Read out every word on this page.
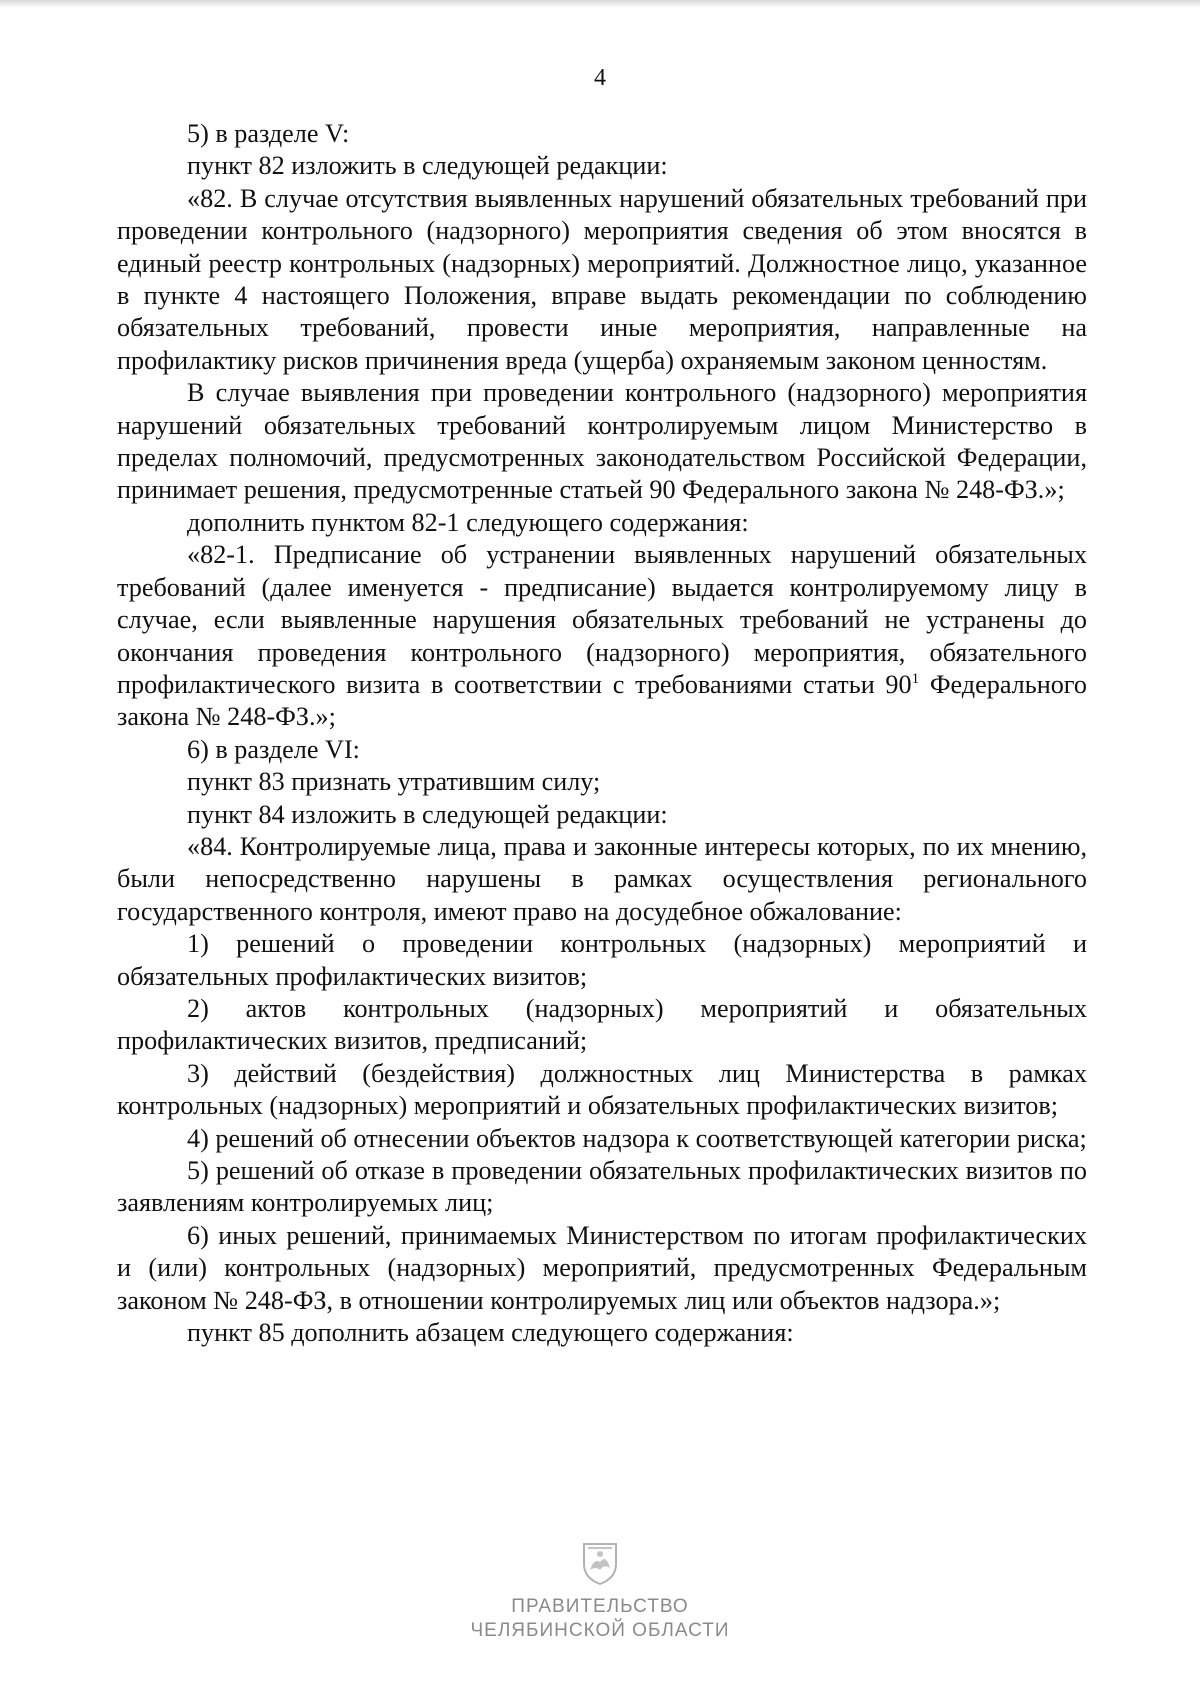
4

5) в разделе V:

пункт 82 изложить в следующей редакции:

«82. В случае отсутствия выявленных нарушений обязательных требований при проведении контрольного (надзорного) мероприятия сведения об этом вносятся в единый реестр контрольных (надзорных) мероприятий. Должностное лицо, указанное в пункте 4 настоящего Положения, вправе выдать рекомендации по соблюдению обязательных требований, провести иные мероприятия, направленные на профилактику рисков причинения вреда (ущерба) охраняемым законом ценностям.

В случае выявления при проведении контрольного (надзорного) мероприятия нарушений обязательных требований контролируемым лицом Министерство в пределах полномочий, предусмотренных законодательством Российской Федерации, принимает решения, предусмотренные статьей 90 Федерального закона № 248-ФЗ.»;

дополнить пунктом 82-1 следующего содержания:

«82-1. Предписание об устранении выявленных нарушений обязательных требований (далее именуется - предписание) выдается контролируемому лицу в случае, если выявленные нарушения обязательных требований не устранены до окончания проведения контрольного (надзорного) мероприятия, обязательного профилактического визита в соответствии с требованиями статьи $90^1$ Федерального закона № 248-ФЗ.»;

6) в разделе VI:

пункт 83 признать утратившим силу;

пункт 84 изложить в следующей редакции:

«84. Контролируемые лица, права и законные интересы которых, по их мнению, были непосредственно нарушены в рамках осуществления регионального государственного контроля, имеют право на досудебное обжалование:

1) решений о проведении контрольных (надзорных) мероприятий и обязательных профилактических визитов;

2) актов контрольных (надзорных) мероприятий и обязательных профилактических визитов, предписаний;

3) действий (бездействия) должностных лиц Министерства в рамках контрольных (надзорных) мероприятий и обязательных профилактических визитов;

4) решений об отнесении объектов надзора к соответствующей категории риска;

5) решений об отказе в проведении обязательных профилактических визитов по заявлениям контролируемых лиц;

6) иных решений, принимаемых Министерством по итогам профилактических и (или) контрольных (надзорных) мероприятий, предусмотренных Федеральным законом № 248-ФЗ, в отношении контролируемых лиц или объектов надзора.»;

пункт 85 дополнить абзацем следующего содержания:

ПРАВИТЕЛЬСТВО
ЧЕЛЯБИНСКОЙ ОБЛАСТИ
